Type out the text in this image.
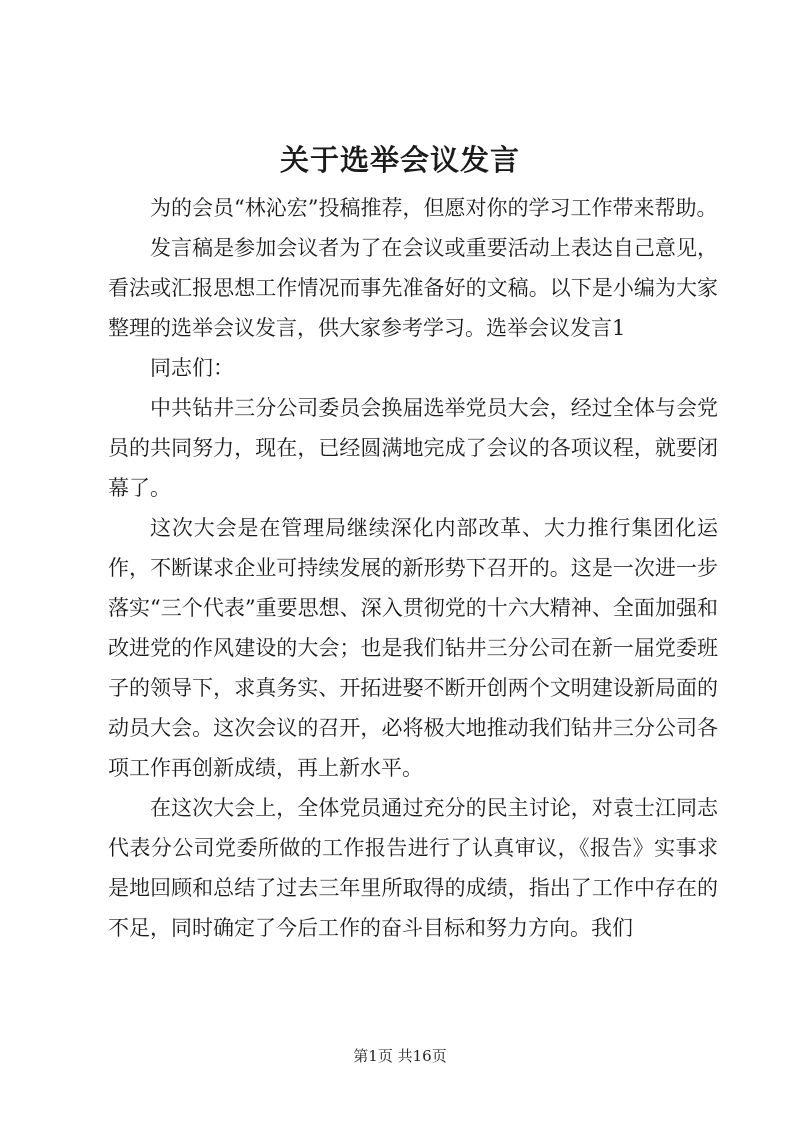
关于选举会议发言

为的会员“林沁宏”投稿推荐，但愿对你的学习工作带来帮助。

发言稿是参加会议者为了在会议或重要活动上表达自己意见，看法或汇报思想工作情况而事先准备好的文稿。以下是小编为大家整理的选举会议发言，供大家参考学习。选举会议发言1

同志们：

中共钻井三分公司委员会换届选举党员大会，经过全体与会党员的共同努力，现在，已经圆满地完成了会议的各项议程，就要闭幕了。

这次大会是在管理局继续深化内部改革、大力推行集团化运作，不断谋求企业可持续发展的新形势下召开的。这是一次进一步落实“三个代表”重要思想、深入贯彻党的十六大精神、全面加强和改进党的作风建设的大会；也是我们钻井三分公司在新一届党委班子的领导下，求真务实、开拓进娶不断开创两个文明建设新局面的动员大会。这次会议的召开，必将极大地推动我们钻井三分公司各项工作再创新成绩，再上新水平。

在这次大会上，全体党员通过充分的民主讨论，对袁士江同志代表分公司党委所做的工作报告进行了认真审议，《报告》实事求是地回顾和总结了过去三年里所取得的成绩，指出了工作中存在的不足，同时确定了今后工作的奋斗目标和努力方向。我们

第1页 共16页
